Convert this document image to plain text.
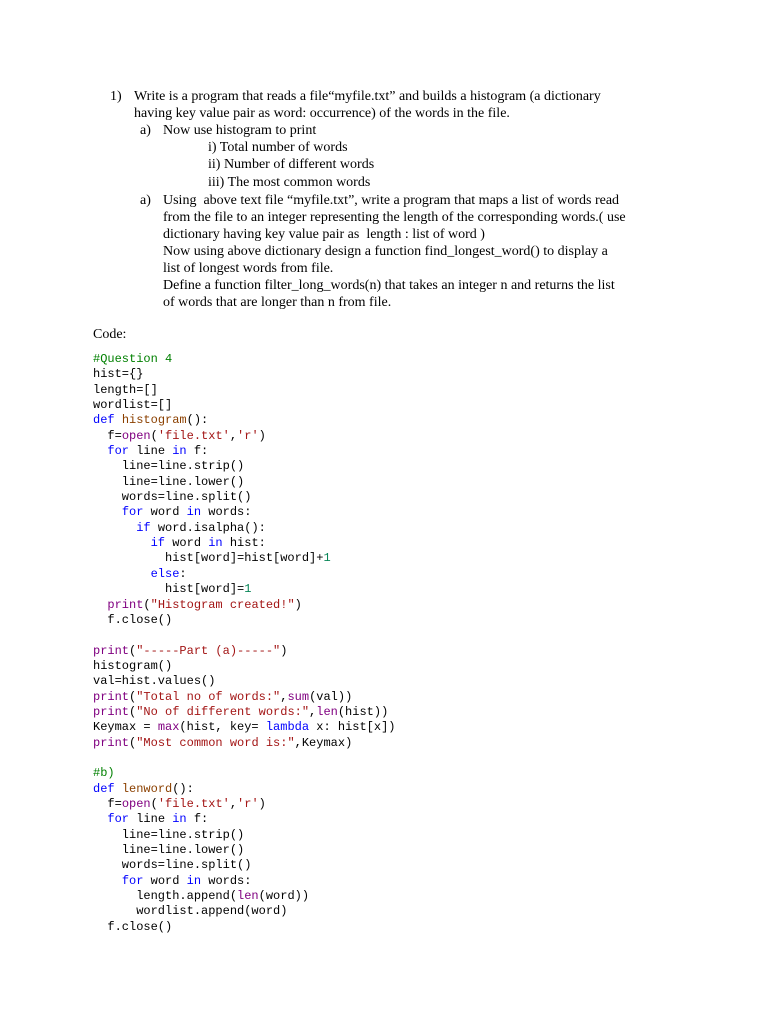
1) Write is a program that reads a file“myfile.txt” and builds a histogram (a dictionary
having key value pair as word: occurrence) of the words in the file.
a) Now use histogram to print
i) Total number of words
ii) Number of different words
iii) The most common words
a) Using  above text file “myfile.txt”, write a program that maps a list of words read
from the file to an integer representing the length of the corresponding words.( use
dictionary having key value pair as  length : list of word )
Now using above dictionary design a function find_longest_word() to display a
list of longest words from file.
Define a function filter_long_words(n) that takes an integer n and returns the list
of words that are longer than n from file.
Code:
#Question 4
hist={}
length=[]
wordlist=[]
def histogram():
f=open('file.txt','r')
for line in f:
line=line.strip()
line=line.lower()
words=line.split()
for word in words:
if word.isalpha():
if word in hist:
hist[word]=hist[word]+1
else:
hist[word]=1
print("Histogram created!")
f.close()

print("-----Part (a)-----")
histogram()
val=hist.values()
print("Total no of words:",sum(val))
print("No of different words:",len(hist))
Keymax = max(hist, key= lambda x: hist[x])
print("Most common word is:",Keymax)

#b)
def lenword():
f=open('file.txt','r')
for line in f:
line=line.strip()
line=line.lower()
words=line.split()
for word in words:
length.append(len(word))
wordlist.append(word)
f.close()
